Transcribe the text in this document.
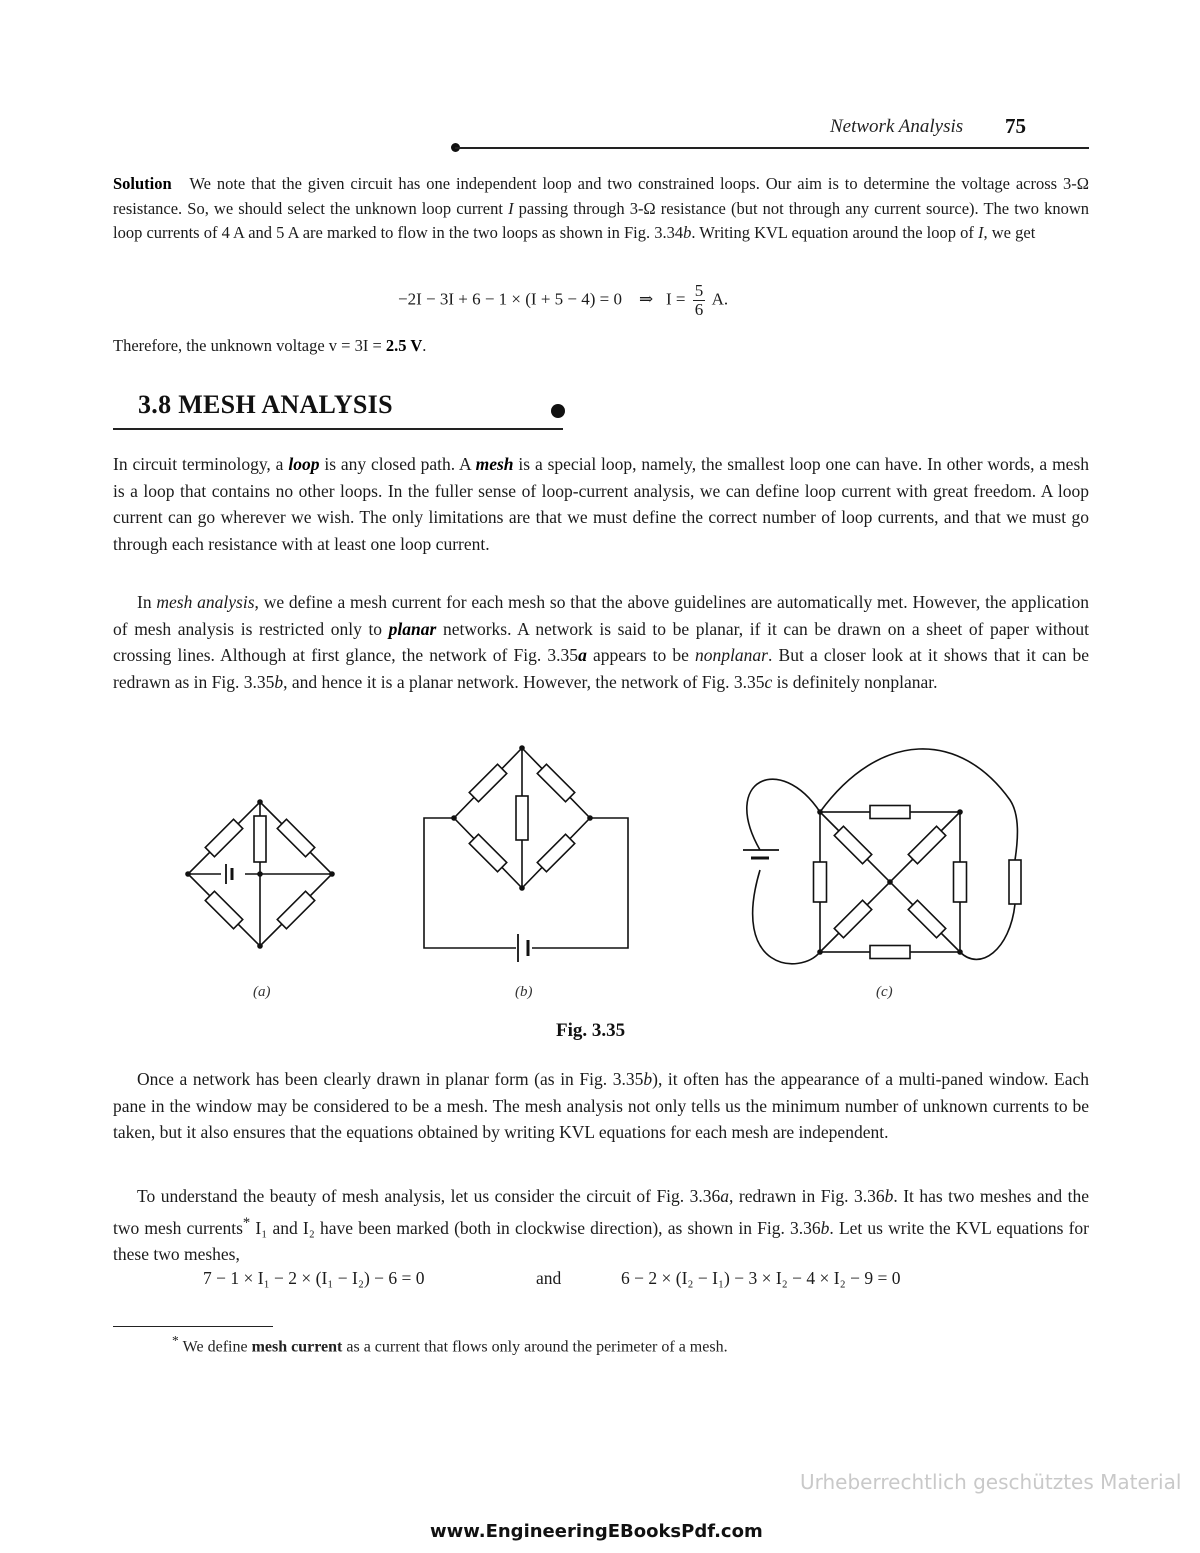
Network Analysis 75
Solution We note that the given circuit has one independent loop and two constrained loops. Our aim is to determine the voltage across 3-Ω resistance. So, we should select the unknown loop current I passing through 3-Ω resistance (but not through any current source). The two known loop currents of 4 A and 5 A are marked to flow in the two loops as shown in Fig. 3.34b. Writing KVL equation around the loop of I, we get
−2I − 3I + 6 − 1 × (I + 5 − 4) = 0 ⇒ $I = \frac{5}{6} A$.
Therefore, the unknown voltage v = 3I = 2.5 V.
3.8 MESH ANALYSIS
In circuit terminology, a loop is any closed path. A mesh is a special loop, namely, the smallest loop one can have. In other words, a mesh is a loop that contains no other loops. In the fuller sense of loop-current analysis, we can define loop current with great freedom. A loop current can go wherever we wish. The only limitations are that we must define the correct number of loop currents, and that we must go through each resistance with at least one loop current.
In mesh analysis, we define a mesh current for each mesh so that the above guidelines are automatically met. However, the application of mesh analysis is restricted only to planar networks. A network is said to be planar, if it can be drawn on a sheet of paper without crossing lines. Although at first glance, the network of Fig. 3.35a appears to be nonplanar. But a closer look at it shows that it can be redrawn as in Fig. 3.35b, and hence it is a planar network. However, the network of Fig. 3.35c is definitely nonplanar.
(a)	(b)	(c)
Fig. 3.35
Once a network has been clearly drawn in planar form (as in Fig. 3.35b), it often has the appearance of a multi-paned window. Each pane in the window may be considered to be a mesh. The mesh analysis not only tells us the minimum number of unknown currents to be taken, but it also ensures that the equations obtained by writing KVL equations for each mesh are independent.
To understand the beauty of mesh analysis, let us consider the circuit of Fig. 3.36a, redrawn in Fig. 3.36b. It has two meshes and the two mesh currents* I₁ and I₂ have been marked (both in clockwise direction), as shown in Fig. 3.36b. Let us write the KVL equations for these two meshes,
7 − 1 × I₁ − 2 × (I₁ − I₂) − 6 = 0	and	6 − 2 × (I₂ − I₁) − 3 × I₂ − 4 × I₂ − 9 = 0
* We define mesh current as a current that flows only around the perimeter of a mesh.
Urheberrechtlich geschütztes Material
www.EngineeringEBooksPdf.com
